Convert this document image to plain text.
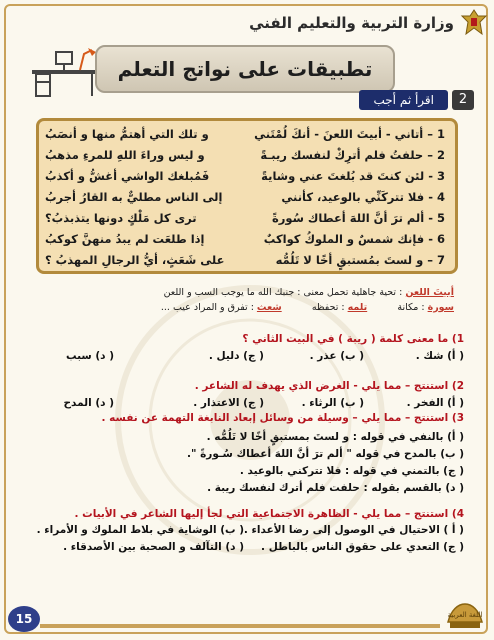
وزارة التربية والتعليم الفني
تطبيقات على نواتج التعلم
2
اقرأ ثم أجب
1 – أتاني - أبيتَ اللعنَ - أنكَ لُمْتَني
و تلك التي أهتمُّ منها و أنصَبُ
2 – حلفتُ فلم أترِكْ لنفسك ريبـةً
و ليس وراءَ اللهِ للمرءِ مذهبُ
3 - لئن كنتَ قد بُلغتَ عني وشايةً
فَمُبلغك الواشي أغشُّ و أكذبُ
4 - فلا تتركَنِّي بالوعيد، كأنني
إلى الناس مطليٌّ به القارُ أجربُ
5 - ألم ترَ أنَّ اللهَ أعطاك سُورةً
ترى كل مَلْكٍ دونها يتذبذبُ؟
6 - فإنك شمسٌ و الملوكُ كواكبٌ
إذا طلعَت لم يبدُ منهنَّ كوكبُ
7 – و لستَ بمُستبقٍ أخًا لا تَلُمُّه
على شَعَثٍ، أيُّ الرجالِ المهذبُ ؟
أبيتَ اللعن : تحية جاهلية تحمل معنى : جنبك الله ما يوجب السب و اللعن
سورة : مكانة          تلمه : تحفظه          شعث : تفرق و المراد عيب ...
1) ما معنى كلمة ( ريبة ) في البيت الثاني ؟
( أ) شك .
( ب) عذر .
( ج) دليل .
( د) سبب
2) استنتج – مما يلي - الغرض الذي يهدف له الشاعر .
( أ) الفخر .
( ب) الرثاء .
( ج) الاعتذار .
( د) المدح
3) استنتج – مما يلي – وسيلة من وسائل إبعاد النابغة التهمة عن نفسه .
( أ) بالنفي في قوله : و لستَ بمستبقٍ أخًا لا تَلُمُّه .
( ب) بالمدح في قوله " ألم ترَ أنَّ اللهَ أعطاك سُـورةً ".
( ج) بالتمني في قوله : فلا تتركني بالوعيد .
( د) بالقسم بقوله : حلفت فلم أترك لنفسك ريبة .
4) استنتج – مما يلي - الظاهرة الاجتماعية التي لجأ إليها الشاعر في الأبيات .
( أ ) الاحتيال في الوصول إلى رضا الأعداء .
( ب) الوشاية في بلاط الملوك و الأمراء .
( ج) التعدي على حقوق الناس بالباطل .
( د) التآلف و الصحبة بين الأصدقاء .
15	اللغة العربية
